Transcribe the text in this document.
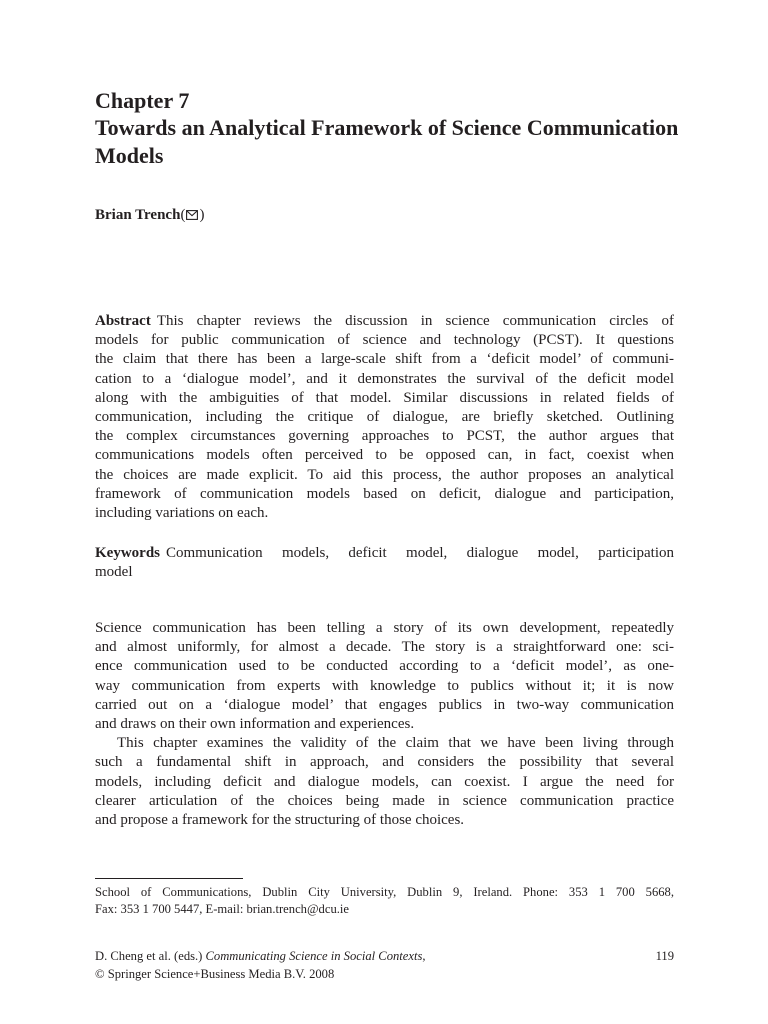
Chapter 7
Towards an Analytical Framework of Science Communication Models
Brian Trench( )
Abstract This chapter reviews the discussion in science communication circles of
models for public communication of science and technology (PCST). It questions
the claim that there has been a large-scale shift from a ‘deficit model’ of communi-
cation to a ‘dialogue model’, and it demonstrates the survival of the deficit model
along with the ambiguities of that model. Similar discussions in related fields of
communication, including the critique of dialogue, are briefly sketched. Outlining
the complex circumstances governing approaches to PCST, the author argues that
communications models often perceived to be opposed can, in fact, coexist when
the choices are made explicit. To aid this process, the author proposes an analytical
framework of communication models based on deficit, dialogue and participation,
including variations on each.
Keywords Communication models, deficit model, dialogue model, participation
model
Science communication has been telling a story of its own development, repeatedly
and almost uniformly, for almost a decade. The story is a straightforward one: sci-
ence communication used to be conducted according to a ‘deficit model’, as one-
way communication from experts with knowledge to publics without it; it is now
carried out on a ‘dialogue model’ that engages publics in two-way communication
and draws on their own information and experiences.
This chapter examines the validity of the claim that we have been living through
such a fundamental shift in approach, and considers the possibility that several
models, including deficit and dialogue models, can coexist. I argue the need for
clearer articulation of the choices being made in science communication practice
and propose a framework for the structuring of those choices.
School of Communications, Dublin City University, Dublin 9, Ireland. Phone: 353 1 700 5668,
Fax: 353 1 700 5447, E-mail: brian.trench@dcu.ie
D. Cheng et al. (eds.) Communicating Science in Social Contexts,
© Springer Science+Business Media B.V. 2008
119
